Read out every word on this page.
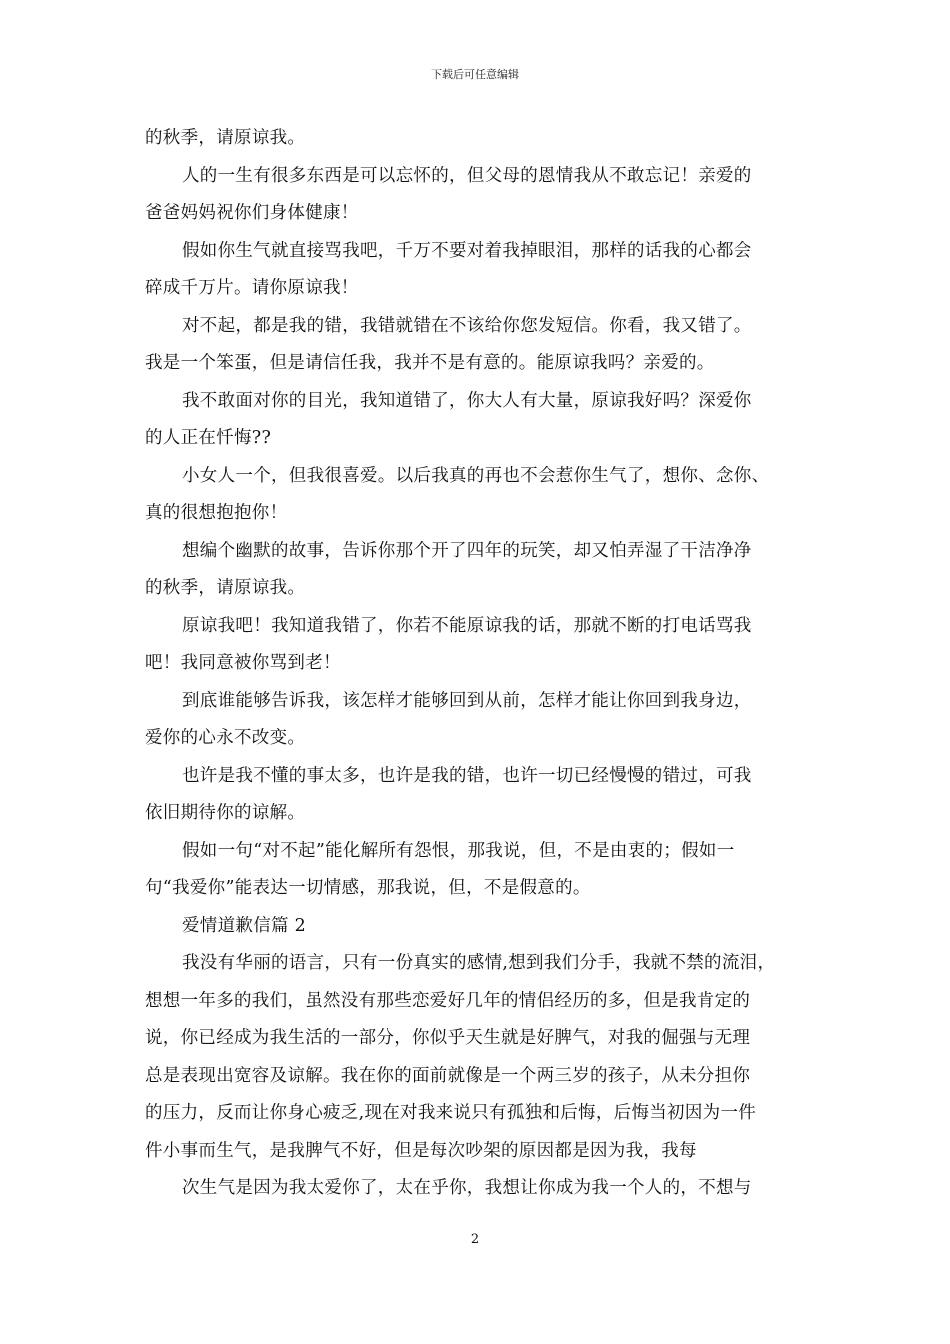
下载后可任意编辑
的秋季，请原谅我。
人的一生有很多东西是可以忘怀的，但父母的恩情我从不敢忘记！亲爱的
爸爸妈妈祝你们身体健康！
假如你生气就直接骂我吧，千万不要对着我掉眼泪，那样的话我的心都会
碎成千万片。请你原谅我！
对不起，都是我的错，我错就错在不该给你您发短信。你看，我又错了。
我是一个笨蛋，但是请信任我，我并不是有意的。能原谅我吗？亲爱的。
我不敢面对你的目光，我知道错了，你大人有大量，原谅我好吗？深爱你
的人正在忏悔??
小女人一个，但我很喜爱。以后我真的再也不会惹你生气了，想你、念你、
真的很想抱抱你！
想编个幽默的故事，告诉你那个开了四年的玩笑，却又怕弄湿了干洁净净
的秋季，请原谅我。
原谅我吧！我知道我错了，你若不能原谅我的话，那就不断的打电话骂我
吧！我同意被你骂到老！
到底谁能够告诉我，该怎样才能够回到从前，怎样才能让你回到我身边，
爱你的心永不改变。
也许是我不懂的事太多，也许是我的错，也许一切已经慢慢的错过，可我
依旧期待你的谅解。
假如一句“对不起”能化解所有怨恨，那我说，但，不是由衷的；假如一
句“我爱你”能表达一切情感，那我说，但，不是假意的。
爱情道歉信篇 2
我没有华丽的语言，只有一份真实的感情,想到我们分手，我就不禁的流泪，
想想一年多的我们，虽然没有那些恋爱好几年的情侣经历的多，但是我肯定的
说，你已经成为我生活的一部分，你似乎天生就是好脾气，对我的倔强与无理
总是表现出宽容及谅解。我在你的面前就像是一个两三岁的孩子，从未分担你
的压力，反而让你身心疲乏,现在对我来说只有孤独和后悔，后悔当初因为一件
件小事而生气，是我脾气不好，但是每次吵架的原因都是因为我，我每
次生气是因为我太爱你了，太在乎你，我想让你成为我一个人的，不想与
2
